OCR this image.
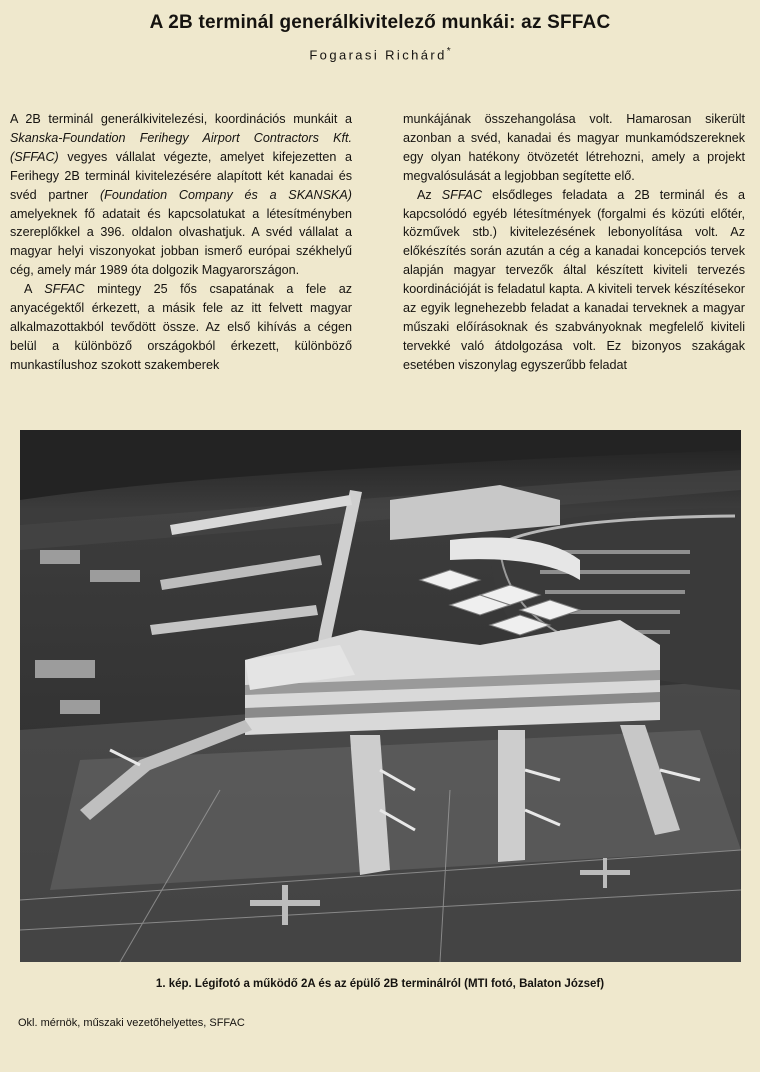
A 2B terminál generálkivitelező munkái: az SFFAC
Fogarasi Richárd*

A 2B terminál generálkivitelezési, koordinációs munkáit a Skanska-Foundation Ferihegy Airport Contractors Kft. (SFFAC) vegyes vállalat végezte, amelyet kifejezetten a Ferihegy 2B terminál kivitelezésére alapított két kanadai és svéd partner (Foundation Company és a SKANSKA) amelyeknek fő adatait és kapcsolatukat a létesítményben szereplőkkel a 396. oldalon olvashatjuk. A svéd vállalat a magyar helyi viszonyokat jobban ismerő európai székhelyű cég, amely már 1989 óta dolgozik Magyarországon.

A SFFAC mintegy 25 fős csapatának a fele az anyacégektől érkezett, a másik fele az itt felvett magyar alkalmazottakból tevődött össze. Az első kihívás a cégen belül a különböző országokból érkezett, különböző munkastílushoz szokott szakemberek

munkájának összehangolása volt. Hamarosan sikerült azonban a svéd, kanadai és magyar munkamódszereknek egy olyan hatékony ötvözetét létrehozni, amely a projekt megvalósulását a legjobban segítette elő.

Az SFFAC elsődleges feladata a 2B terminál és a kapcsolódó egyéb létesítmények (forgalmi és közúti előtér, közművek stb.) kivitelezésének lebonyolítása volt. Az előkészítés során azután a cég a kanadai koncepciós tervek alapján magyar tervezők által készített kiviteli tervezés koordinációját is feladatul kapta. A kiviteli tervek készítésekor az egyik legnehezebb feladat a kanadai terveknek a magyar műszaki előírásoknak és szabványoknak megfelelő kiviteli tervekké való átdolgozása volt. Ez bizonyos szakágak esetében viszonylag egyszerűbb feladat

1. kép. Légifotó a működő 2A és az épülő 2B terminálról (MTI fotó, Balaton József)
Okl. mérnök, műszaki vezetőhelyettes, SFFAC
